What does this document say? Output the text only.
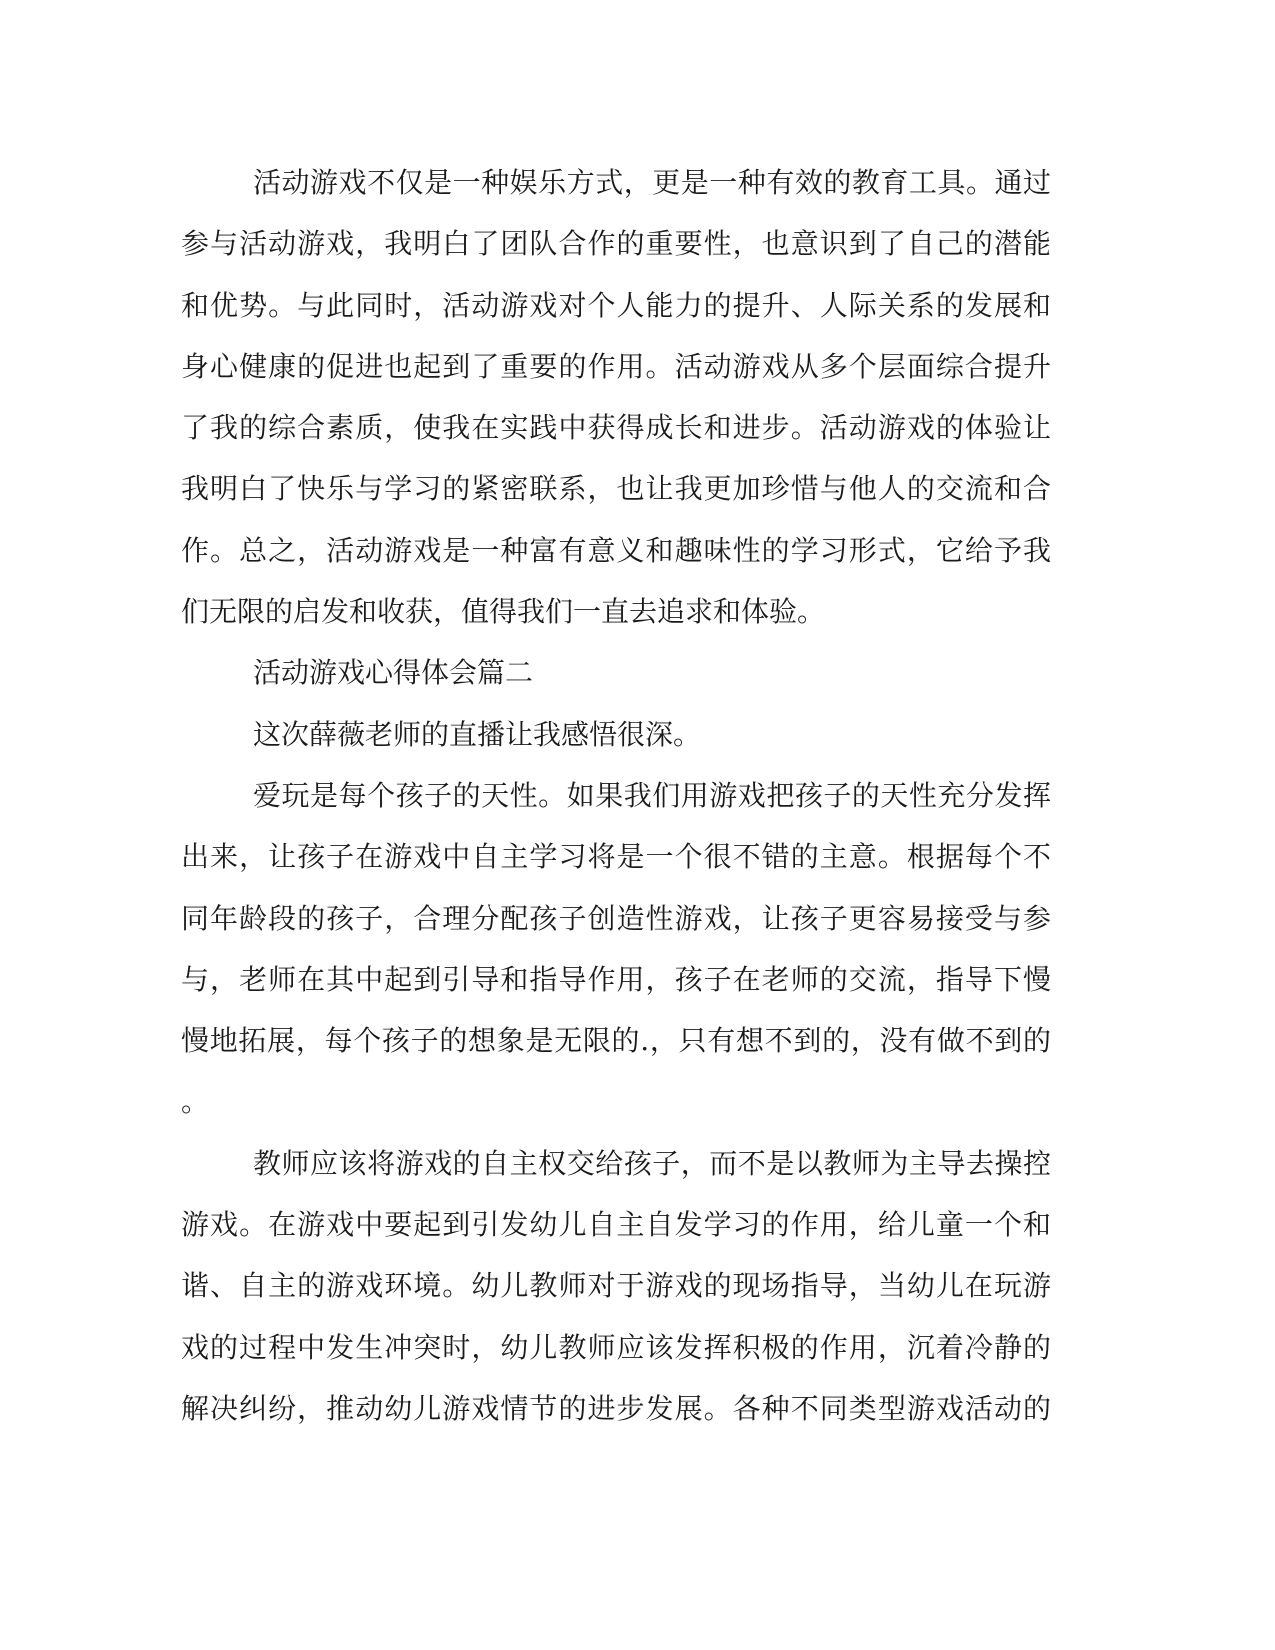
活动游戏不仅是一种娱乐方式，更是一种有效的教育工具。通过
参与活动游戏，我明白了团队合作的重要性，也意识到了自己的潜能
和优势。与此同时，活动游戏对个人能力的提升、人际关系的发展和
身心健康的促进也起到了重要的作用。活动游戏从多个层面综合提升
了我的综合素质，使我在实践中获得成长和进步。活动游戏的体验让
我明白了快乐与学习的紧密联系，也让我更加珍惜与他人的交流和合
作。总之，活动游戏是一种富有意义和趣味性的学习形式，它给予我
们无限的启发和收获，值得我们一直去追求和体验。
活动游戏心得体会篇二
这次薛薇老师的直播让我感悟很深。
爱玩是每个孩子的天性。如果我们用游戏把孩子的天性充分发挥
出来，让孩子在游戏中自主学习将是一个很不错的主意。根据每个不
同年龄段的孩子，合理分配孩子创造性游戏，让孩子更容易接受与参
与，老师在其中起到引导和指导作用，孩子在老师的交流，指导下慢
慢地拓展，每个孩子的想象是无限的.，只有想不到的，没有做不到的
。
教师应该将游戏的自主权交给孩子，而不是以教师为主导去操控
游戏。在游戏中要起到引发幼儿自主自发学习的作用，给儿童一个和
谐、自主的游戏环境。幼儿教师对于游戏的现场指导，当幼儿在玩游
戏的过程中发生冲突时，幼儿教师应该发挥积极的作用，沉着冷静的
解决纠纷，推动幼儿游戏情节的进步发展。各种不同类型游戏活动的
